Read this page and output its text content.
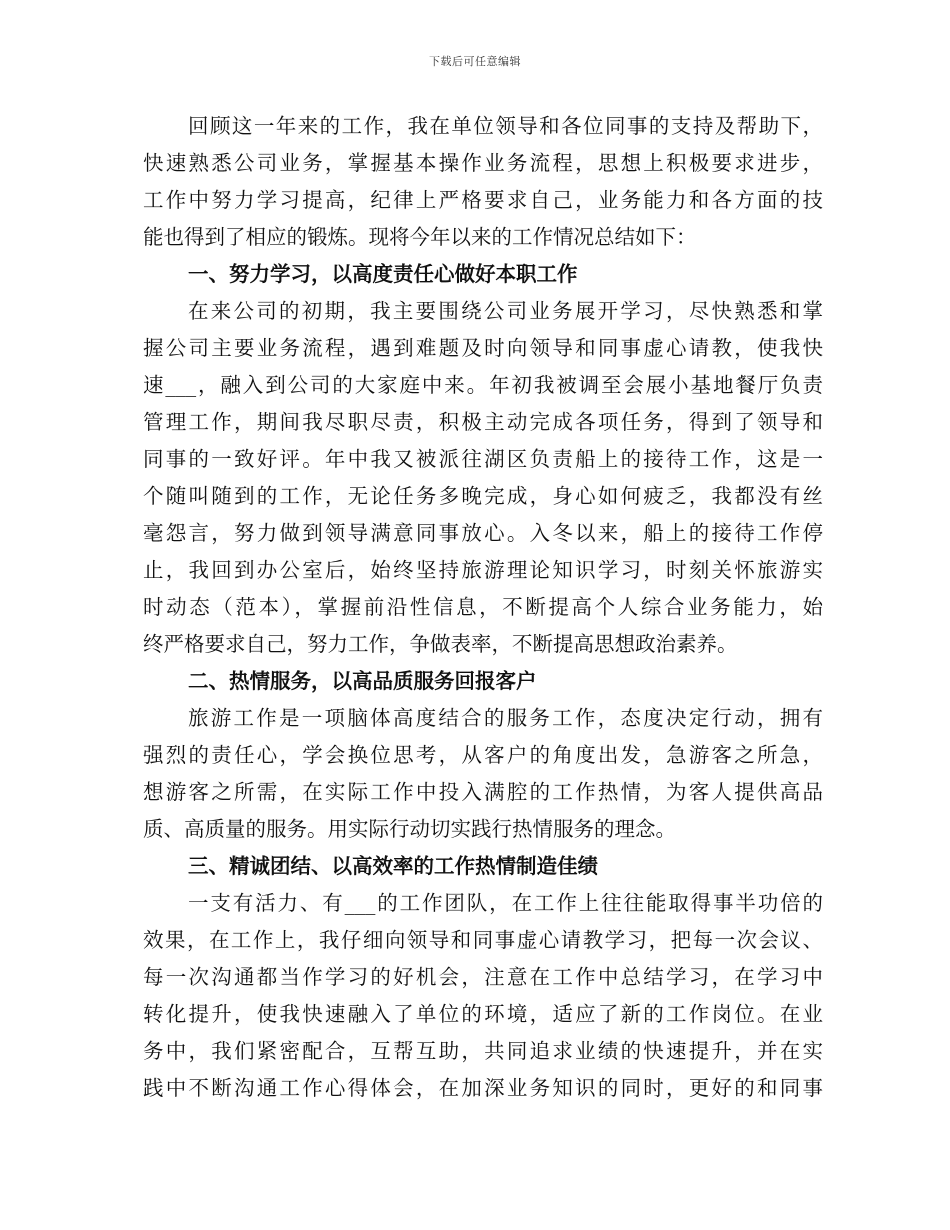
下载后可任意编辑
回顾这一年来的工作，我在单位领导和各位同事的支持及帮助下，
快速熟悉公司业务，掌握基本操作业务流程，思想上积极要求进步，
工作中努力学习提高，纪律上严格要求自己，业务能力和各方面的技
能也得到了相应的锻炼。现将今年以来的工作情况总结如下：
一、努力学习，以高度责任心做好本职工作
在来公司的初期，我主要围绕公司业务展开学习，尽快熟悉和掌
握公司主要业务流程，遇到难题及时向领导和同事虚心请教，使我快
速___，融入到公司的大家庭中来。年初我被调至会展小基地餐厅负责
管理工作，期间我尽职尽责，积极主动完成各项任务，得到了领导和
同事的一致好评。年中我又被派往湖区负责船上的接待工作，这是一
个随叫随到的工作，无论任务多晚完成，身心如何疲乏，我都没有丝
毫怨言，努力做到领导满意同事放心。入冬以来，船上的接待工作停
止，我回到办公室后，始终坚持旅游理论知识学习，时刻关怀旅游实
时动态（范本），掌握前沿性信息，不断提高个人综合业务能力，始
终严格要求自己，努力工作，争做表率，不断提高思想政治素养。
二、热情服务，以高品质服务回报客户
旅游工作是一项脑体高度结合的服务工作，态度决定行动，拥有
强烈的责任心，学会换位思考，从客户的角度出发，急游客之所急，
想游客之所需，在实际工作中投入满腔的工作热情，为客人提供高品
质、高质量的服务。用实际行动切实践行热情服务的理念。
三、精诚团结、以高效率的工作热情制造佳绩
一支有活力、有___的工作团队，在工作上往往能取得事半功倍的
效果，在工作上，我仔细向领导和同事虚心请教学习，把每一次会议、
每一次沟通都当作学习的好机会，注意在工作中总结学习，在学习中
转化提升，使我快速融入了单位的环境，适应了新的工作岗位。在业
务中，我们紧密配合，互帮互助，共同追求业绩的快速提升，并在实
践中不断沟通工作心得体会，在加深业务知识的同时，更好的和同事
